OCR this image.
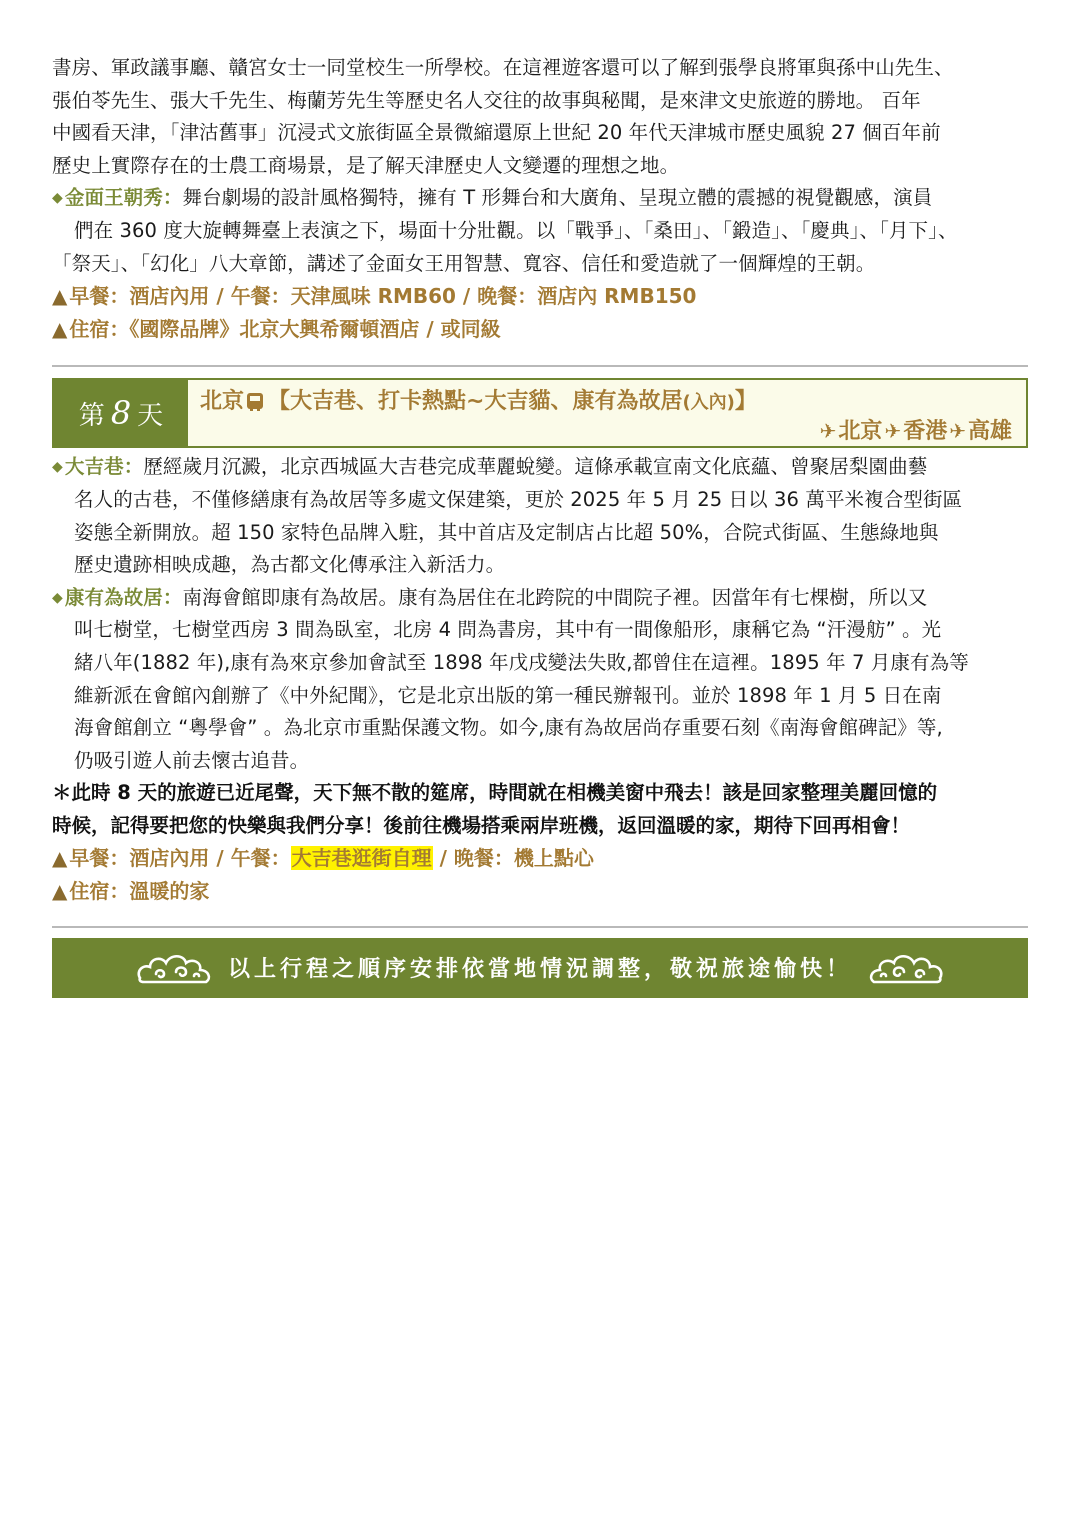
書房、軍政議事廳、贛宮女士一同堂校生一所學校。在這裡遊客還可以了解到張學良將軍與孫中山先生、

張伯苓先生、張大千先生、梅蘭芳先生等歷史名人交往的故事與秘聞，是來津文史旅遊的勝地。 百年

中國看天津，「津沽舊事」沉浸式文旅街區全景微縮還原上世紀 20 年代天津城市歷史風貌 27 個百年前

歷史上實際存在的士農工商場景，是了解天津歷史人文變遷的理想之地。

◆ 金面王朝秀：舞台劇場的設計風格獨特，擁有 T 形舞台和大廣角、呈現立體的震撼的視覺觀感，演員

們在 360 度大旋轉舞臺上表演之下，場面十分壯觀。以「戰爭」、「桑田」、「鍛造」、「慶典」、「月下」、

「祭天」、「幻化」八大章節，講述了金面女王用智慧、寬容、信任和愛造就了一個輝煌的王朝。

▲ 早餐：酒店內用 / 午餐：天津風味 RMB60 / 晚餐：酒店內 RMB150

▲ 住宿：《國際品牌》北京大興希爾頓酒店 / 或同級

第 8 天 北京 【大吉巷、打卡熱點~大吉貓、康有為故居(入內)】
✈北京 ✈香港 ✈高雄

◆ 大吉巷：歷經歲月沉澱，北京西城區大吉巷完成華麗蛻變。這條承載宣南文化底蘊、曾聚居梨園曲藝

名人的古巷，不僅修繕康有為故居等多處文保建築，更於 2025 年 5 月 25 日以 36 萬平米複合型街區

姿態全新開放。超 150 家特色品牌入駐，其中首店及定制店占比超 50%，合院式街區、生態綠地與

歷史遺跡相映成趣，為古都文化傳承注入新活力。

◆ 康有為故居：南海會館即康有為故居。康有為居住在北跨院的中間院子裡。因當年有七棵樹，所以又

叫七樹堂，七樹堂西房 3 間為臥室，北房 4 問為書房，其中有一間像船形，康稱它為 “汗漫舫” 。光

緒八年(1882 年),康有為來京參加會試至 1898 年戊戌變法失敗,都曾住在這裡。1895 年 7 月康有為等

維新派在會館內創辦了《中外紀聞》，它是北京出版的第一種民辦報刊。並於 1898 年 1 月 5 日在南

海會館創立 “粵學會” 。為北京市重點保護文物。如今,康有為故居尚存重要石刻《南海會館碑記》等,

仍吸引遊人前去懷古追昔。

＊此時 8 天的旅遊已近尾聲，天下無不散的筵席，時間就在相機美窗中飛去！該是回家整理美麗回憶的

時候，記得要把您的快樂與我們分享！後前往機場搭乘兩岸班機，返回溫暖的家，期待下回再相會！

▲ 早餐：酒店內用 / 午餐：大吉巷逛街自理 / 晚餐：機上點心

▲ 住宿：溫暖的家

以上行程之順序安排依當地情況調整，敬祝旅途愉快！
